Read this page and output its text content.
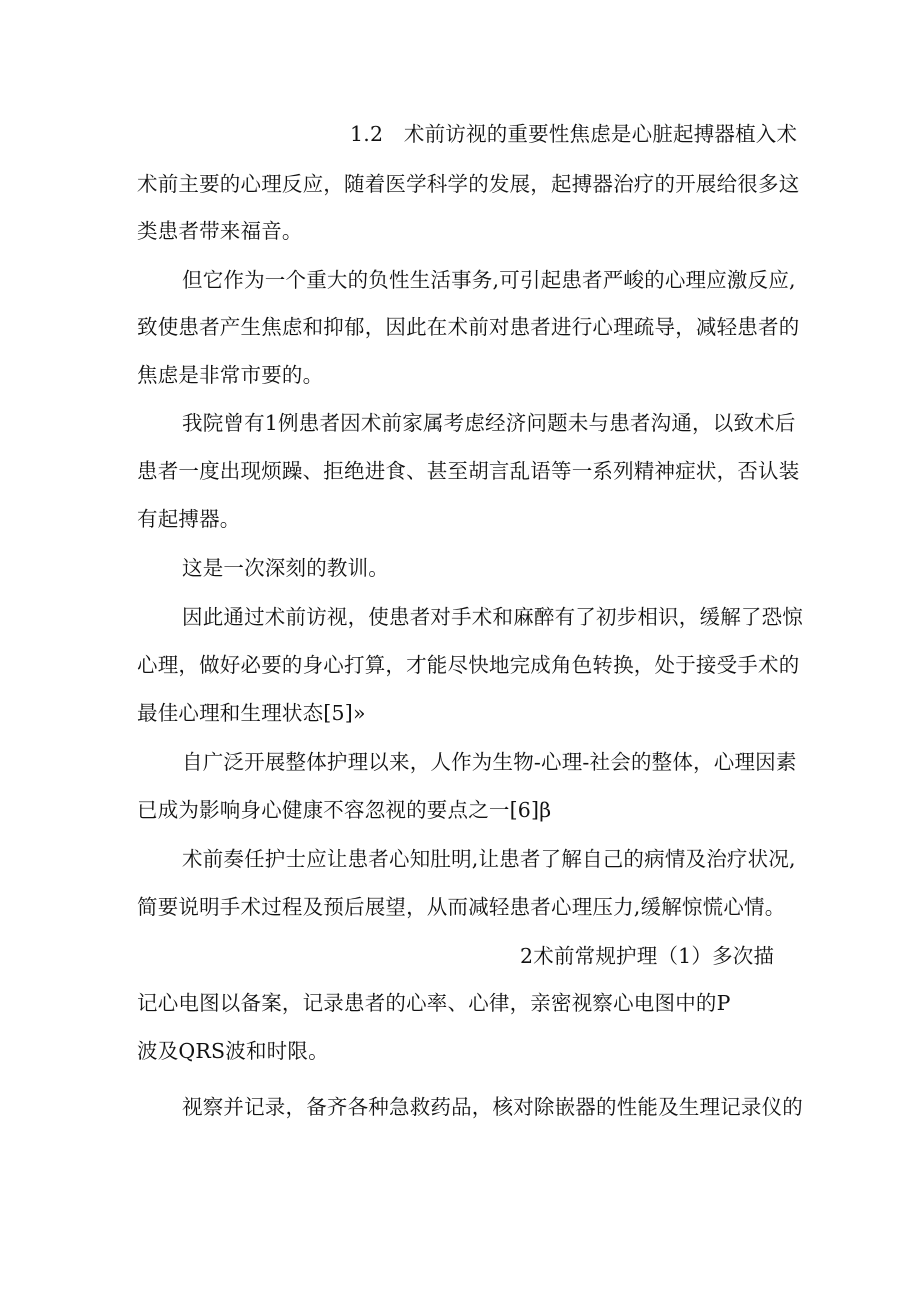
1.2　术前访视的重要性焦虑是心脏起搏器植入术
术前主要的心理反应，随着医学科学的发展，起搏器治疗的开展给很多这
类患者带来福音。
但它作为一个重大的负性生活事务,可引起患者严峻的心理应激反应,
致使患者产生焦虑和抑郁，因此在术前对患者进行心理疏导，减轻患者的
焦虑是非常市要的。
我院曾有1例患者因术前家属考虑经济问题未与患者沟通，以致术后
患者一度出现烦躁、拒绝进食、甚至胡言乱语等一系列精神症状，否认装
有起搏器。
这是一次深刻的教训。
因此通过术前访视，使患者对手术和麻醉有了初步相识，缓解了恐惊
心理，做好必要的身心打算，才能尽快地完成角色转换，处于接受手术的
最佳心理和生理状态[5]»
自广泛开展整体护理以来，人作为生物-心理-社会的整体，心理因素
已成为影响身心健康不容忽视的要点之一[6]β
术前奏任护士应让患者心知肚明,让患者了解自己的病情及治疗状况,
简要说明手术过程及预后展望，从而减轻患者心理压力,缓解惊慌心情。
2术前常规护理（1）多次描
记心电图以备案，记录患者的心率、心律，亲密视察心电图中的P
波及QRS波和时限。
视察并记录，备齐各种急救药品，核对除嵌器的性能及生理记录仪的
